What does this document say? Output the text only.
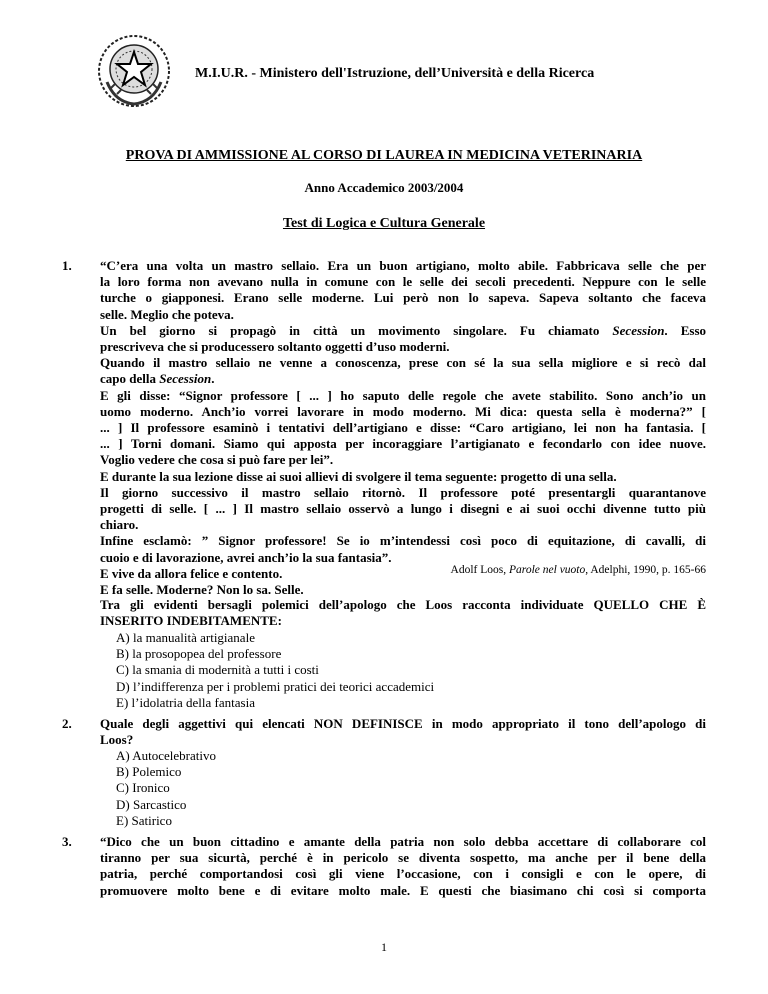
M.I.U.R. - Ministero dell'Istruzione, dell’Università e della Ricerca
PROVA DI AMMISSIONE AL CORSO DI LAUREA IN MEDICINA VETERINARIA
Anno Accademico 2003/2004
Test di Logica e Cultura Generale
1. “C’era una volta un mastro sellaio. Era un buon artigiano, molto abile. Fabbricava selle che per
la loro forma non avevano nulla in comune con le selle dei secoli precedenti. Neppure con le selle
turche o giapponesi. Erano selle moderne. Lui però non lo sapeva. Sapeva soltanto che faceva
selle. Meglio che poteva.
Un bel giorno si propagò in città un movimento singolare. Fu chiamato Secession. Esso
prescriveva che si producessero soltanto oggetti d’uso moderni.
Quando il mastro sellaio ne venne a conoscenza, prese con sé la sua sella migliore e si recò dal
capo della Secession.
E gli disse: “Signor professore [ ... ] ho saputo delle regole che avete stabilito. Sono anch’io un
uomo moderno. Anch’io vorrei lavorare in modo moderno. Mi dica: questa sella è moderna?” [
... ] Il professore esaminò i tentativi dell’artigiano e disse: “Caro artigiano, lei non ha fantasia. [
... ] Torni domani. Siamo qui apposta per incoraggiare l’artigianato e fecondarlo con idee nuove.
Voglio vedere che cosa si può fare per lei”.
E durante la sua lezione disse ai suoi allievi di svolgere il tema seguente: progetto di una sella.
Il giorno successivo il mastro sellaio ritornò. Il professore poté presentargli quarantanove
progetti di selle. [ ... ] Il mastro sellaio osservò a lungo i disegni e ai suoi occhi divenne tutto più
chiaro.
Infine esclamò: ” Signor professore! Se io m’intendessi così poco di equitazione, di cavalli, di
cuoio e di lavorazione, avrei anch’io la sua fantasia”.
E vive da allora felice e contento.
E fa selle. Moderne? Non lo sa. Selle.
Adolf Loos, Parole nel vuoto, Adelphi, 1990, p. 165-66
Tra gli evidenti bersagli polemici dell’apologo che Loos racconta individuate QUELLO CHE È
INSERITO INDEBITAMENTE:
A) la manualità artigianale
B) la prosopopea del professore
C) la smania di modernità a tutti i costi
D) l’indifferenza per i problemi pratici dei teorici accademici
E) l’idolatria della fantasia
2. Quale degli aggettivi qui elencati NON DEFINISCE in modo appropriato il tono dell’apologo di
Loos?
A) Autocelebrativo
B) Polemico
C) Ironico
D) Sarcastico
E) Satirico
3. “Dico che un buon cittadino e amante della patria non solo debba accettare di collaborare col
tiranno per sua sicurtà, perché è in pericolo se diventa sospetto, ma anche per il bene della
patria, perché comportandosi così gli viene l’occasione, con i consigli e con le opere, di
promuovere molto bene e di evitare molto male. E questi che biasimano chi così si comporta
1
